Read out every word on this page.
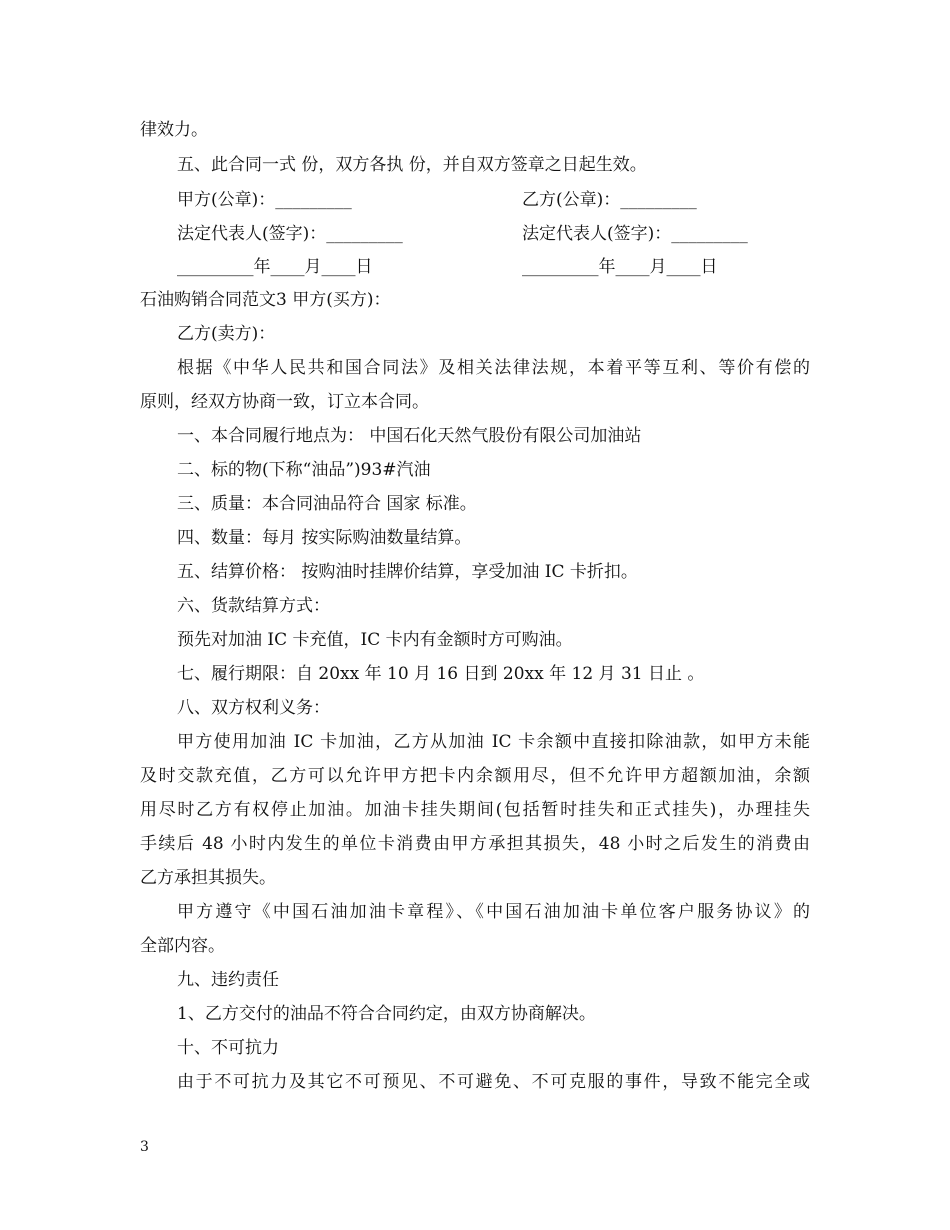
律效力。
五、此合同一式 份，双方各执 份，并自双方签章之日起生效。
甲方(公章)：_________	乙方(公章)：_________
法定代表人(签字)：_________	法定代表人(签字)：_________
_________年____月____日	_________年____月____日
石油购销合同范文3 甲方(买方)：
乙方(卖方)：
根据《中华人民共和国合同法》及相关法律法规，本着平等互利、等价有偿的
原则，经双方协商一致，订立本合同。
一、本合同履行地点为： 中国石化天然气股份有限公司加油站
二、标的物(下称“油品”)93#汽油
三、质量：本合同油品符合 国家 标准。
四、数量：每月 按实际购油数量结算。
五、结算价格： 按购油时挂牌价结算，享受加油 IC 卡折扣。
六、货款结算方式：
预先对加油 IC 卡充值，IC 卡内有金额时方可购油。
七、履行期限：自 20xx 年 10 月 16 日到 20xx 年 12 月 31 日止 。
八、双方权利义务：
甲方使用加油 IC 卡加油，乙方从加油 IC 卡余额中直接扣除油款，如甲方未能
及时交款充值，乙方可以允许甲方把卡内余额用尽，但不允许甲方超额加油，余额
用尽时乙方有权停止加油。加油卡挂失期间(包括暂时挂失和正式挂失)，办理挂失
手续后 48 小时内发生的单位卡消费由甲方承担其损失，48 小时之后发生的消费由
乙方承担其损失。
甲方遵守《中国石油加油卡章程》、《中国石油加油卡单位客户服务协议》的
全部内容。
九、违约责任
1、乙方交付的油品不符合合同约定，由双方协商解决。
十、不可抗力
由于不可抗力及其它不可预见、不可避免、不可克服的事件，导致不能完全或
3
